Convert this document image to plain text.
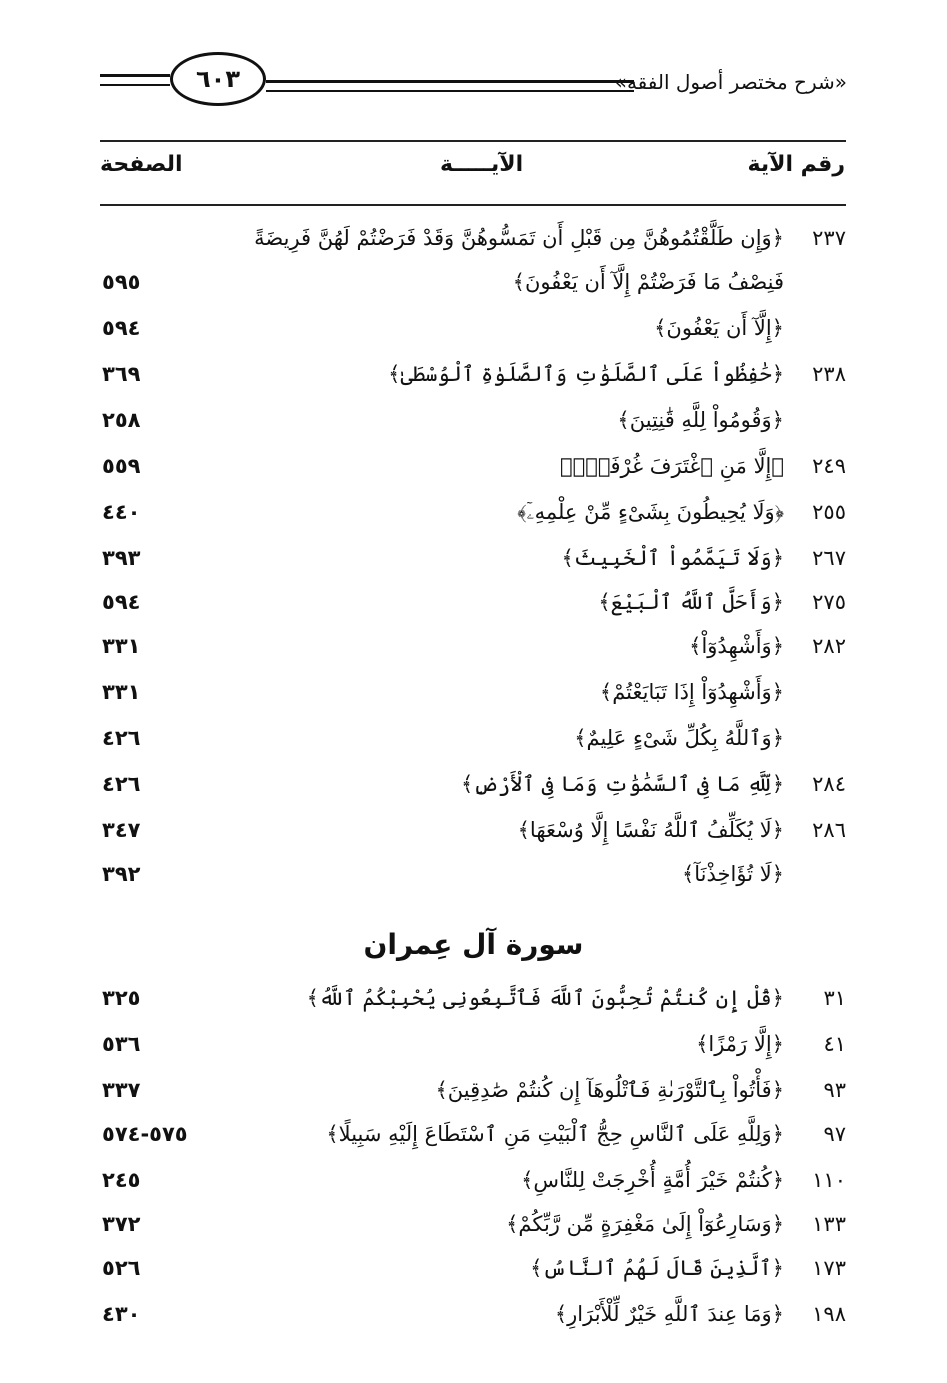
٦٠٣	«شرح مختصر أصول الفقه»
رقم الآية
الآيـــــة
الصفحة
٢٣٧
﴿وَإِن طَلَّقْتُمُوهُنَّ مِن قَبْلِ أَن تَمَسُّوهُنَّ وَقَدْ فَرَضْتُمْ لَهُنَّ فَرِيضَةً
فَنِصْفُ مَا فَرَضْتُمْ إِلَّآ أَن يَعْفُونَ﴾
٥٩٥
﴿إِلَّآ أَن يَعْفُونَ﴾
٥٩٤
٢٣٨
﴿حَٰفِظُواْ عَلَى ٱلصَّلَوَٰتِ وَٱلصَّلَوٰةِ ٱلْوُسْطَىٰ﴾
٣٦٩
﴿وَقُومُواْ لِلَّهِ قَٰنِتِينَ﴾
٢٥٨
٢٤٩
﴿إِلَّا مَنِ ٱغْتَرَفَ غُرْفَةًۢ﴾
٥٥٩
٢٥٥
﴿وَلَا يُحِيطُونَ بِشَىْءٍ مِّنْ عِلْمِهِۦٓ﴾
٤٤٠
٢٦٧
﴿وَلَا تَيَمَّمُواْ ٱلْخَبِيثَ﴾
٣٩٣
٢٧٥
﴿وَأَحَلَّ ٱللَّهُ ٱلْبَيْعَ﴾
٥٩٤
٢٨٢
﴿وَأَشْهِدُوٓاْ﴾
٣٣١
﴿وَأَشْهِدُوٓاْ إِذَا تَبَايَعْتُمْ﴾
٣٣١
﴿وَٱللَّهُ بِكُلِّ شَىْءٍ عَلِيمٌ﴾
٤٢٦
٢٨٤
﴿لِّلَّهِ مَا فِى ٱلسَّمَٰوَٰتِ وَمَا فِى ٱلْأَرْضِ﴾
٤٢٦
٢٨٦
﴿لَا يُكَلِّفُ ٱللَّهُ نَفْسًا إِلَّا وُسْعَهَا﴾
٣٤٧
﴿لَا تُؤَاخِذْنَآ﴾
٣٩٢
سورة آل عِمران
٣١
﴿قُلْ إِن كُنتُمْ تُحِبُّونَ ٱللَّهَ فَٱتَّبِعُونِى يُحْبِبْكُمُ ٱللَّهُ﴾
٣٢٥
٤١
﴿إِلَّا رَمْزًا﴾
٥٣٦
٩٣
﴿فَأْتُواْ بِٱلتَّوْرَىٰةِ فَٱتْلُوهَآ إِن كُنتُمْ صَٰدِقِينَ﴾
٣٣٧
٩٧
﴿وَلِلَّهِ عَلَى ٱلنَّاسِ حِجُّ ٱلْبَيْتِ مَنِ ٱسْتَطَاعَ إِلَيْهِ سَبِيلًا﴾
٥٧٥-٥٧٤
١١٠
﴿كُنتُمْ خَيْرَ أُمَّةٍ أُخْرِجَتْ لِلنَّاسِ﴾
٢٤٥
١٣٣
﴿وَسَارِعُوٓاْ إِلَىٰ مَغْفِرَةٍ مِّن رَّبِّكُمْ﴾
٣٧٢
١٧٣
﴿ٱلَّذِينَ قَالَ لَهُمُ ٱلنَّاسُ﴾
٥٢٦
١٩٨
﴿وَمَا عِندَ ٱللَّهِ خَيْرٌ لِّلْأَبْرَارِ﴾
٤٣٠
